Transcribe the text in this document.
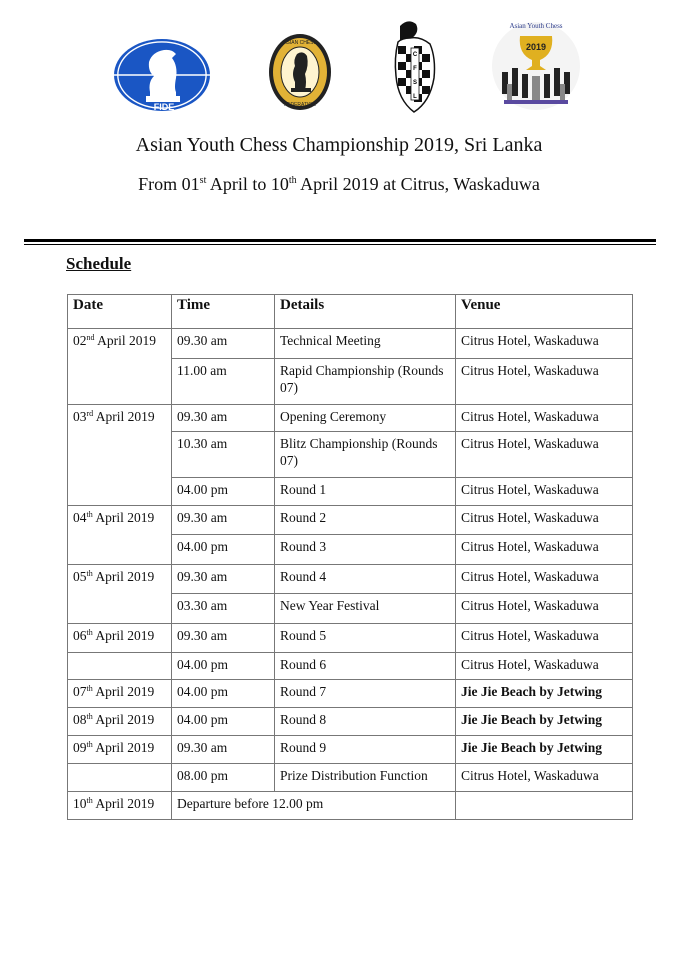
FIDE
ASIAN CHESS
FEDERATION
C
F
S
L
Asian Youth Chess
2019
Asian Youth Chess Championship 2019, Sri Lanka
From 01st April to 10th April 2019 at Citrus, Waskaduwa
Schedule
Date	Time	Details	Venue
02nd April 2019	09.30 am	Technical Meeting	Citrus Hotel, Waskaduwa
	11.00 am	Rapid Championship (Rounds 07)	Citrus Hotel, Waskaduwa
03rd April 2019	09.30 am	Opening Ceremony	Citrus Hotel, Waskaduwa
	10.30 am	Blitz Championship (Rounds 07)	Citrus Hotel, Waskaduwa
	04.00 pm	Round 1	Citrus Hotel, Waskaduwa
04th April 2019	09.30 am	Round 2	Citrus Hotel, Waskaduwa
	04.00 pm	Round 3	Citrus Hotel, Waskaduwa
05th April 2019	09.30 am	Round 4	Citrus Hotel, Waskaduwa
	03.30 am	New Year Festival	Citrus Hotel, Waskaduwa
06th April 2019	09.30 am	Round 5	Citrus Hotel, Waskaduwa
	04.00 pm	Round 6	Citrus Hotel, Waskaduwa
07th April 2019	04.00 pm	Round 7	Jie Jie Beach by Jetwing
08th April 2019	04.00 pm	Round 8	Jie Jie Beach by Jetwing
09th April 2019	09.30 am	Round 9	Jie Jie Beach by Jetwing
	08.00 pm	Prize Distribution Function	Citrus Hotel, Waskaduwa
10th April 2019	Departure before 12.00 pm		
